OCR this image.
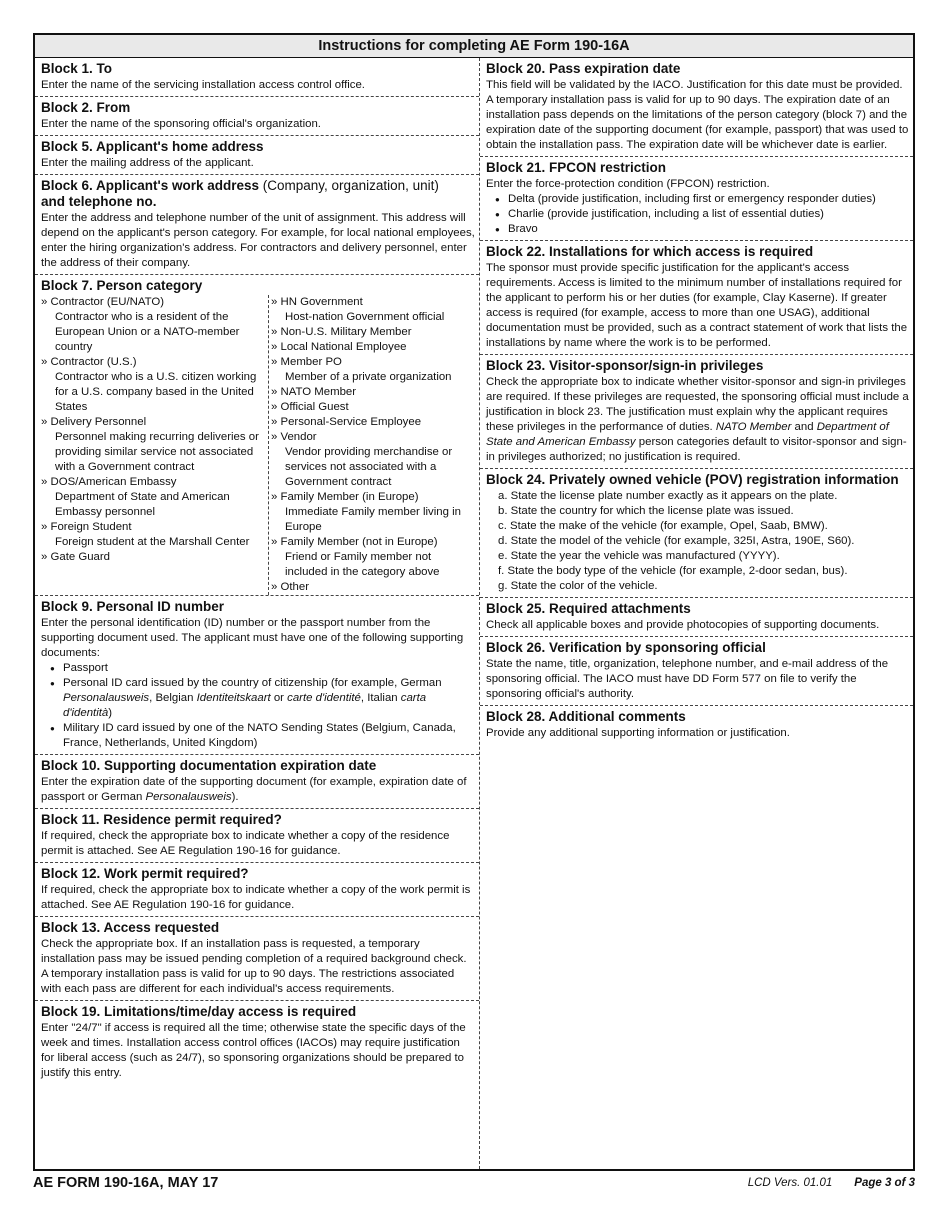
Instructions for completing AE Form 190-16A
Block 1. To

Enter the name of the servicing installation access control office.

Block 2. From

Enter the name of the sponsoring official's organization.

Block 5. Applicant's home address

Enter the mailing address of the applicant.

Block 6. Applicant's work address (Company, organization, unit)
and telephone no.

Enter the address and telephone number of the unit of assignment. This address will depend on the applicant's person category. For example, for local national employees, enter the hiring organization's address. For contractors and delivery personnel, enter the address of their company.

Block 7. Person category
» Contractor (EU/NATO)
Contractor who is a resident of the European Union or a NATO-member country
» Contractor (U.S.)
Contractor who is a U.S. citizen working for a U.S. company based in the United States
» Delivery Personnel
Personnel making recurring deliveries or providing similar service not associated with a Government contract
» DOS/American Embassy
Department of State and American Embassy personnel
» Foreign Student
Foreign student at the Marshall Center
» Gate Guard
» HN Government
Host-nation Government official
» Non-U.S. Military Member
» Local National Employee
» Member PO
Member of a private organization
» NATO Member
» Official Guest
» Personal-Service Employee
» Vendor
Vendor providing merchandise or services not associated with a Government contract
» Family Member (in Europe)
Immediate Family member living in Europe
» Family Member (not in Europe)
Friend or Family member not included in the category above
» Other
Block 9. Personal ID number

Enter the personal identification (ID) number or the passport number from the supporting document used. The applicant must have one of the following supporting documents:

● Passport
● Personal ID card issued by the country of citizenship (for example, German Personalausweis, Belgian Identiteitskaart or carte d'identité, Italian carta d'identità)
● Military ID card issued by one of the NATO Sending States (Belgium, Canada, France, Netherlands, United Kingdom)
Block 10. Supporting documentation expiration date

Enter the expiration date of the supporting document (for example, expiration date of passport or German Personalausweis).

Block 11. Residence permit required?

If required, check the appropriate box to indicate whether a copy of the residence permit is attached. See AE Regulation 190-16 for guidance.

Block 12. Work permit required?

If required, check the appropriate box to indicate whether a copy of the work permit is attached. See AE Regulation 190-16 for guidance.

Block 13. Access requested

Check the appropriate box. If an installation pass is requested, a temporary installation pass may be issued pending completion of a required background check. A temporary installation pass is valid for up to 90 days. The restrictions associated with each pass are different for each individual's access requirements.

Block 19. Limitations/time/day access is required

Enter "24/7" if access is required all the time; otherwise state the specific days of the week and times. Installation access control offices (IACOs) may require justification for liberal access (such as 24/7), so sponsoring organizations should be prepared to justify this entry.

Block 20. Pass expiration date

This field will be validated by the IACO. Justification for this date must be provided. A temporary installation pass is valid for up to 90 days. The expiration date of an installation pass depends on the limitations of the person category (block 7) and the expiration date of the supporting document (for example, passport) that was used to obtain the installation pass. The expiration date will be whichever date is earlier.

Block 21. FPCON restriction

Enter the force-protection condition (FPCON) restriction.

● Delta (provide justification, including first or emergency responder duties)
● Charlie (provide justification, including a list of essential duties)
● Bravo
Block 22. Installations for which access is required

The sponsor must provide specific justification for the applicant's access requirements. Access is limited to the minimum number of installations required for the applicant to perform his or her duties (for example, Clay Kaserne). If greater access is required (for example, access to more than one USAG), additional documentation must be provided, such as a contract statement of work that lists the installations by name where the work is to be performed.

Block 23. Visitor-sponsor/sign-in privileges

Check the appropriate box to indicate whether visitor-sponsor and sign-in privileges are required. If these privileges are requested, the sponsoring official must include a justification in block 23. The justification must explain why the applicant requires these privileges in the performance of duties. NATO Member and Department of State and American Embassy person categories default to visitor-sponsor and sign-in privileges authorized; no justification is required.

Block 24. Privately owned vehicle (POV) registration information
a. State the license plate number exactly as it appears on the plate.
b. State the country for which the license plate was issued.
c. State the make of the vehicle (for example, Opel, Saab, BMW).
d. State the model of the vehicle (for example, 325I, Astra, 190E, S60).
e. State the year the vehicle was manufactured (YYYY).
f. State the body type of the vehicle (for example, 2-door sedan, bus).
g. State the color of the vehicle.
Block 25. Required attachments

Check all applicable boxes and provide photocopies of supporting documents.

Block 26. Verification by sponsoring official

State the name, title, organization, telephone number, and e-mail address of the sponsoring official. The IACO must have DD Form 577 on file to verify the sponsoring official's authority.

Block 28. Additional comments

Provide any additional supporting information or justification.

AE FORM 190-16A, MAY 17	LCD Vers. 01.01 Page 3 of 3
